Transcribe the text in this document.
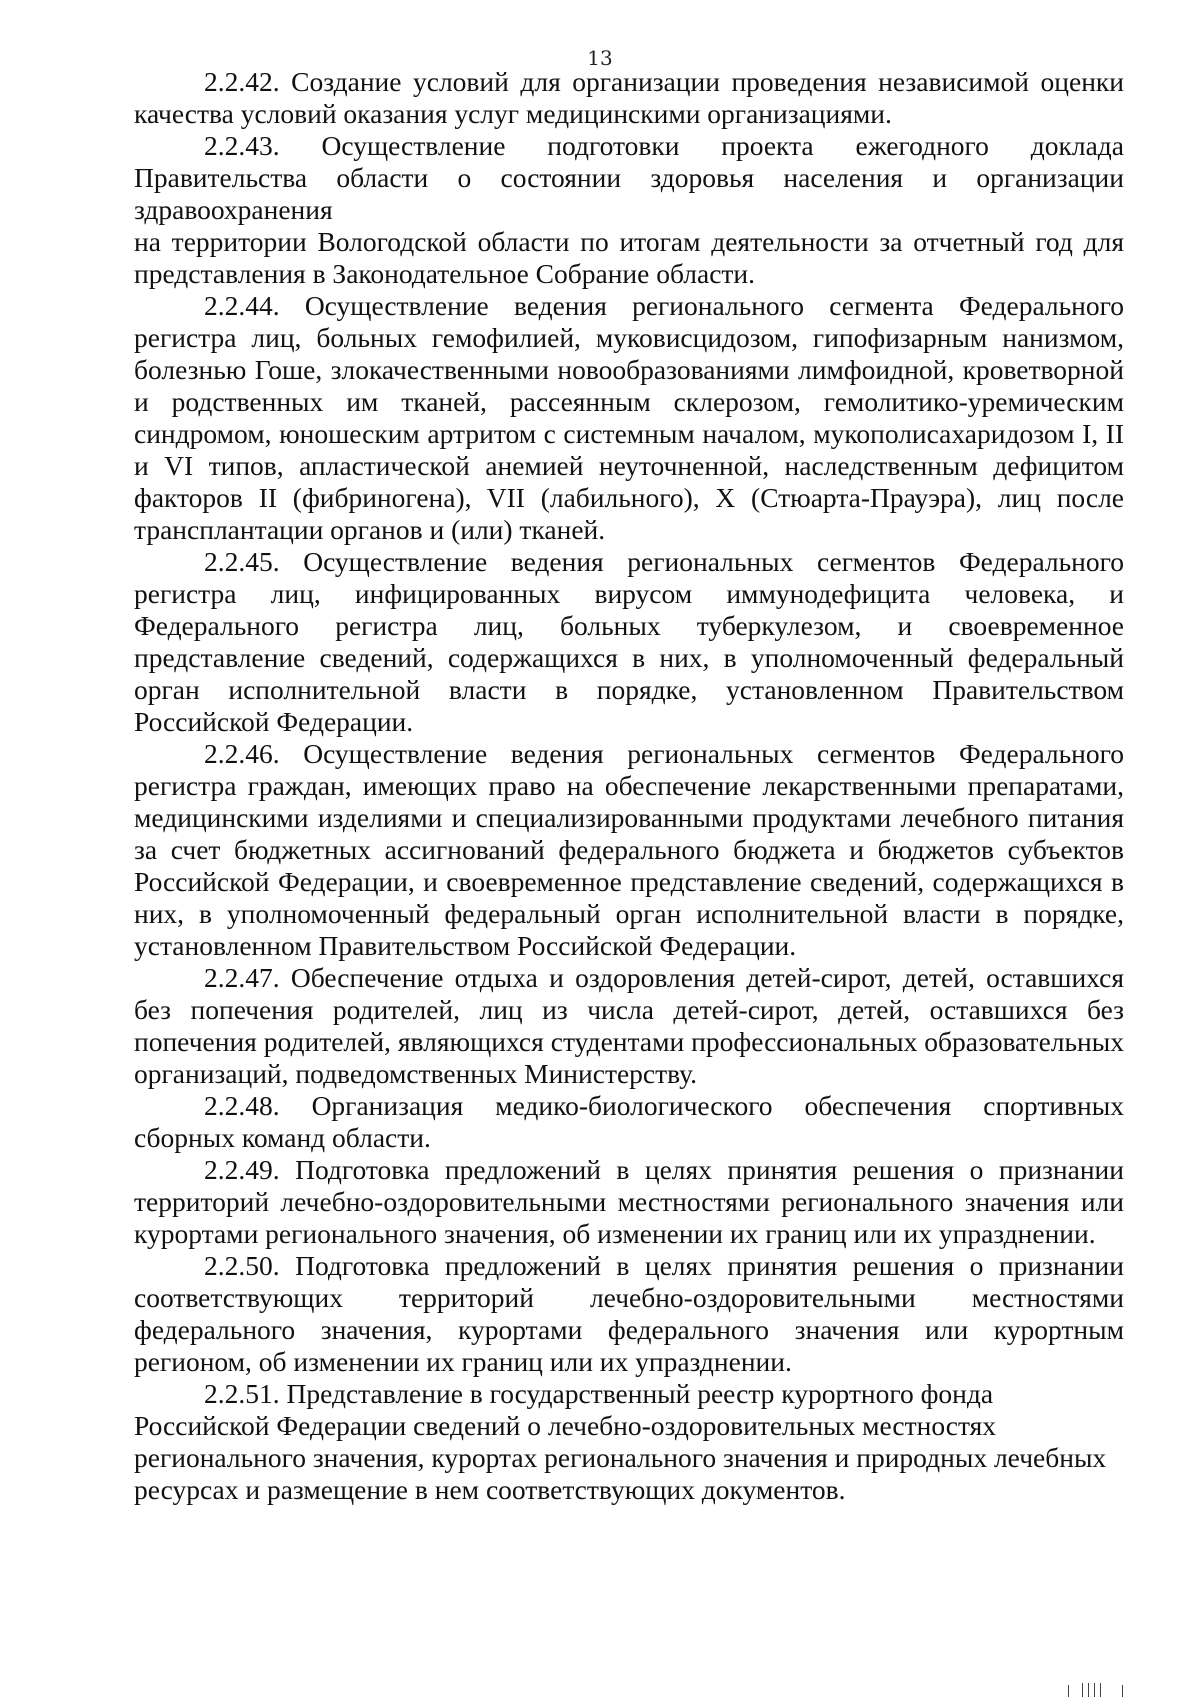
13

2.2.42. Создание условий для организации проведения независимой оценки качества условий оказания услуг медицинскими организациями.

2.2.43. Осуществление подготовки проекта ежегодного доклада Правительства области о состоянии здоровья населения и организации здравоохранения

на территории Вологодской области по итогам деятельности за отчетный год для представления в Законодательное Собрание области.

2.2.44. Осуществление ведения регионального сегмента Федерального регистра лиц, больных гемофилией, муковисцидозом, гипофизарным нанизмом, болезнью Гоше, злокачественными новообразованиями лимфоидной, кроветворной и родственных им тканей, рассеянным склерозом, гемолитико-уремическим синдромом, юношеским артритом с системным началом, мукополисахаридозом I, II и VI типов, апластической анемией неуточненной, наследственным дефицитом факторов II (фибриногена), VII (лабильного), X (Стюарта-Прауэра), лиц после трансплантации органов и (или) тканей.

2.2.45. Осуществление ведения региональных сегментов Федерального регистра лиц, инфицированных вирусом иммунодефицита человека, и Федерального регистра лиц, больных туберкулезом, и своевременное представление сведений, содержащихся в них, в уполномоченный федеральный орган исполнительной власти в порядке, установленном Правительством Российской Федерации.

2.2.46. Осуществление ведения региональных сегментов Федерального регистра граждан, имеющих право на обеспечение лекарственными препаратами, медицинскими изделиями и специализированными продуктами лечебного питания за счет бюджетных ассигнований федерального бюджета и бюджетов субъектов Российской Федерации, и своевременное представление сведений, содержащихся в них, в уполномоченный федеральный орган исполнительной власти в порядке, установленном Правительством Российской Федерации.

2.2.47. Обеспечение отдыха и оздоровления детей-сирот, детей, оставшихся без попечения родителей, лиц из числа детей-сирот, детей, оставшихся без попечения родителей, являющихся студентами профессиональных образовательных организаций, подведомственных Министерству.

2.2.48. Организация медико-биологического обеспечения спортивных сборных команд области.

2.2.49. Подготовка предложений в целях принятия решения о признании территорий лечебно-оздоровительными местностями регионального значения или курортами регионального значения, об изменении их границ или их упразднении.

2.2.50. Подготовка предложений в целях принятия решения о признании соответствующих территорий лечебно-оздоровительными местностями федерального значения, курортами федерального значения или курортным регионом, об изменении их границ или их упразднении.

2.2.51. Представление в государственный реестр курортного фонда Российской Федерации сведений о лечебно-оздоровительных местностях регионального значения, курортах регионального значения и природных лечебных ресурсах и размещение в нем соответствующих документов.
